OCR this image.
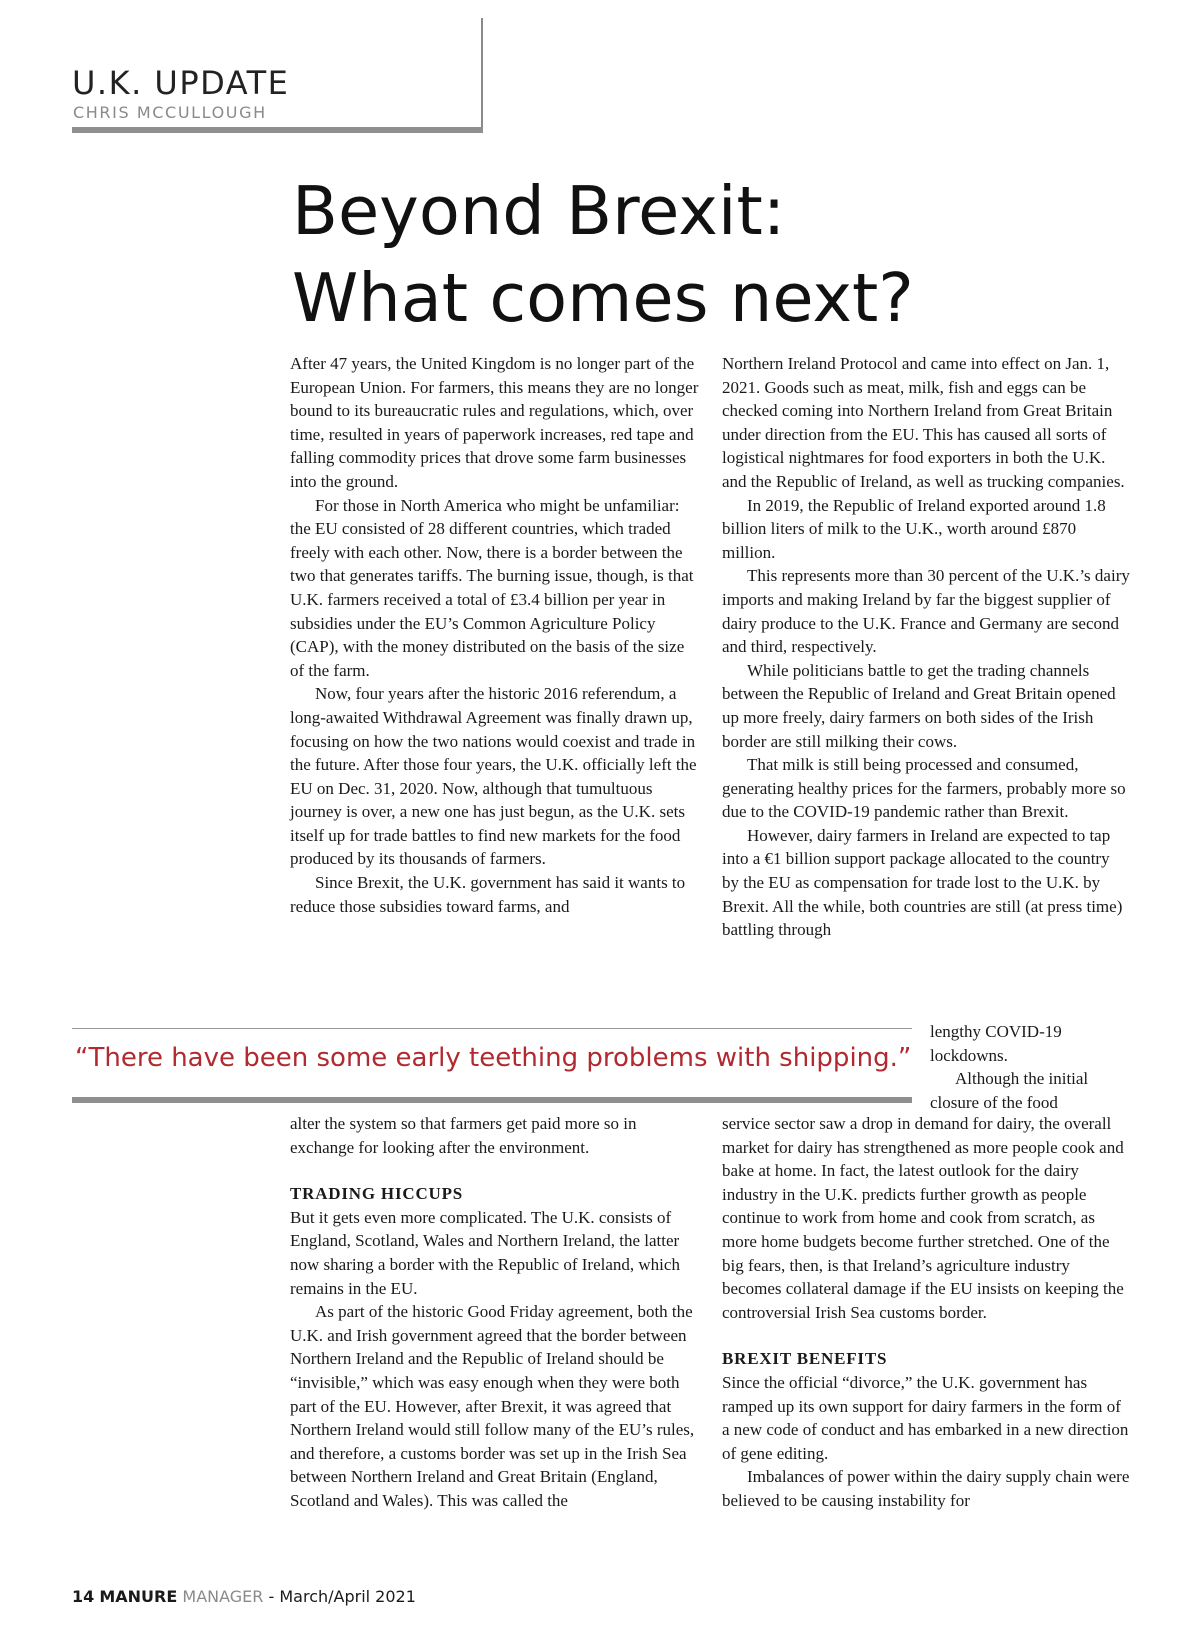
U.K. UPDATE
CHRIS MCCULLOUGH
Beyond Brexit:
What comes next?

After 47 years, the United Kingdom is no longer part of the European Union. For farmers, this means they are no longer bound to its bureaucratic rules and regulations, which, over time, resulted in years of paperwork increases, red tape and falling commodity prices that drove some farm businesses into the ground.

For those in North America who might be unfamiliar: the EU consisted of 28 different countries, which traded freely with each other. Now, there is a border between the two that generates tariffs. The burning issue, though, is that U.K. farmers received a total of £3.4 billion per year in subsidies under the EU’s Common Agriculture Policy (CAP), with the money distributed on the basis of the size of the farm.

Now, four years after the historic 2016 referendum, a long-awaited Withdrawal Agreement was finally drawn up, focusing on how the two nations would coexist and trade in the future. After those four years, the U.K. officially left the EU on Dec. 31, 2020. Now, although that tumultuous journey is over, a new one has just begun, as the U.K. sets itself up for trade battles to find new markets for the food produced by its thousands of farmers.

Since Brexit, the U.K. government has said it wants to reduce those subsidies toward farms, and

Northern Ireland Protocol and came into effect on Jan. 1, 2021. Goods such as meat, milk, fish and eggs can be checked coming into Northern Ireland from Great Britain under direction from the EU. This has caused all sorts of logistical nightmares for food exporters in both the U.K. and the Republic of Ireland, as well as trucking companies.

In 2019, the Republic of Ireland exported around 1.8 billion liters of milk to the U.K., worth around £870 million.

This represents more than 30 percent of the U.K.’s dairy imports and making Ireland by far the biggest supplier of dairy produce to the U.K. France and Germany are second and third, respectively.

While politicians battle to get the trading channels between the Republic of Ireland and Great Britain opened up more freely, dairy farmers on both sides of the Irish border are still milking their cows.

That milk is still being processed and consumed, generating healthy prices for the farmers, probably more so due to the COVID-19 pandemic rather than Brexit.

However, dairy farmers in Ireland are expected to tap into a €1 billion support package allocated to the country by the EU as compensation for trade lost to the U.K. by Brexit. All the while, both countries are still (at press time) battling through

lengthy COVID-19

lockdowns.

Although the initial

closure of the food

“There have been some early teething problems with shipping.”

alter the system so that farmers get paid more so in exchange for looking after the environment.

TRADING HICCUPS

But it gets even more complicated. The U.K. consists of England, Scotland, Wales and Northern Ireland, the latter now sharing a border with the Republic of Ireland, which remains in the EU.

As part of the historic Good Friday agreement, both the U.K. and Irish government agreed that the border between Northern Ireland and the Republic of Ireland should be “invisible,” which was easy enough when they were both part of the EU. However, after Brexit, it was agreed that Northern Ireland would still follow many of the EU’s rules, and therefore, a customs border was set up in the Irish Sea between Northern Ireland and Great Britain (England, Scotland and Wales). This was called the

service sector saw a drop in demand for dairy, the overall market for dairy has strengthened as more people cook and bake at home. In fact, the latest outlook for the dairy industry in the U.K. predicts further growth as people continue to work from home and cook from scratch, as more home budgets become further stretched. One of the big fears, then, is that Ireland’s agriculture industry becomes collateral damage if the EU insists on keeping the controversial Irish Sea customs border.

BREXIT BENEFITS

Since the official “divorce,” the U.K. government has ramped up its own support for dairy farmers in the form of a new code of conduct and has embarked in a new direction of gene editing.

Imbalances of power within the dairy supply chain were believed to be causing instability for

14 MANURE MANAGER - March/April 2021
